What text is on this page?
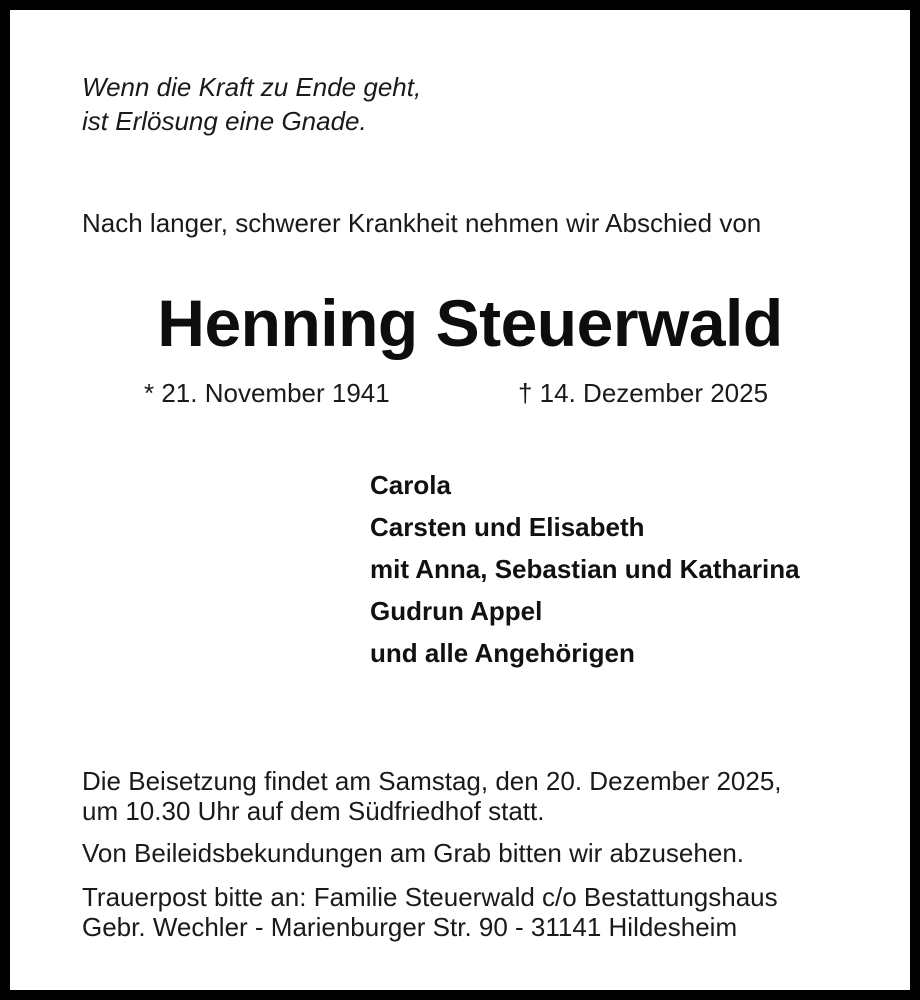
Wenn die Kraft zu Ende geht,
ist Erlösung eine Gnade.
Nach langer, schwerer Krankheit nehmen wir Abschied von
Henning Steuerwald
* 21. November 1941	† 14. Dezember 2025
Carola
Carsten und Elisabeth
mit Anna, Sebastian und Katharina
Gudrun Appel
und alle Angehörigen
Die Beisetzung findet am Samstag, den 20. Dezember 2025,
um 10.30 Uhr auf dem Südfriedhof statt.
Von Beileidsbekundungen am Grab bitten wir abzusehen.
Trauerpost bitte an: Familie Steuerwald c/o Bestattungshaus
Gebr. Wechler - Marienburger Str. 90 - 31141 Hildesheim
